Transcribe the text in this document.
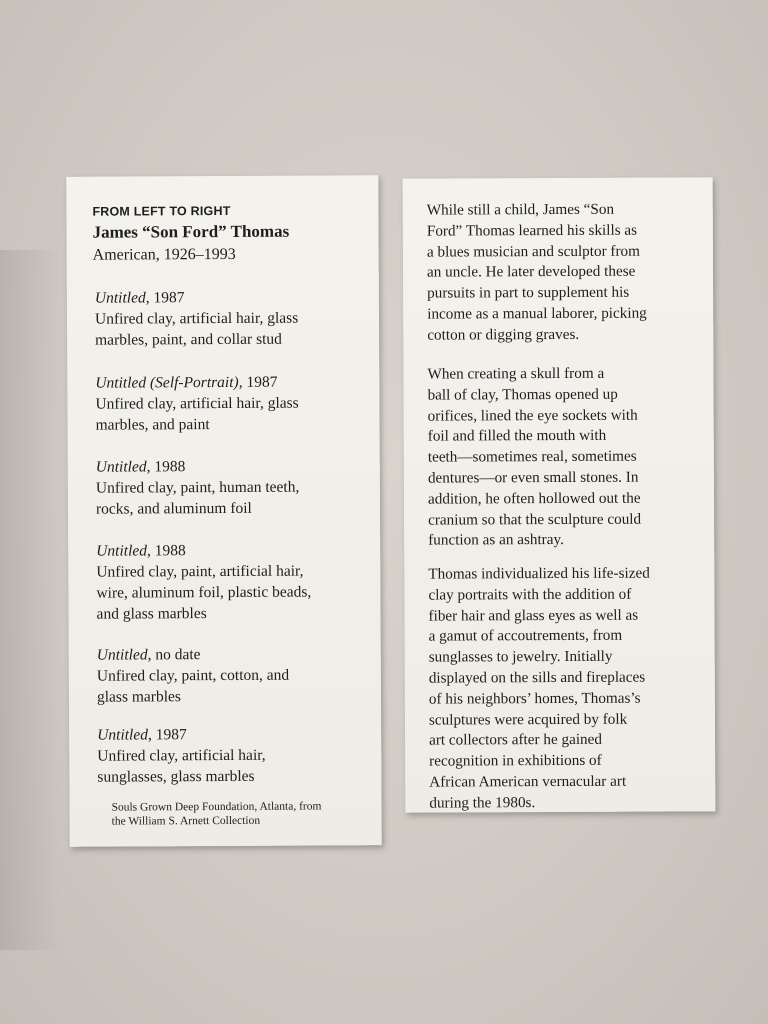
FROM LEFT TO RIGHT
James “Son Ford” Thomas
American, 1926–1993
Untitled, 1987
Unfired clay, artificial hair, glass
marbles, paint, and collar stud
Untitled (Self-Portrait), 1987
Unfired clay, artificial hair, glass
marbles, and paint
Untitled, 1988
Unfired clay, paint, human teeth,
rocks, and aluminum foil
Untitled, 1988
Unfired clay, paint, artificial hair,
wire, aluminum foil, plastic beads,
and glass marbles
Untitled, no date
Unfired clay, paint, cotton, and
glass marbles
Untitled, 1987
Unfired clay, artificial hair,
sunglasses, glass marbles
Souls Grown Deep Foundation, Atlanta, from
the William S. Arnett Collection
While still a child, James “Son
Ford” Thomas learned his skills as
a blues musician and sculptor from
an uncle. He later developed these
pursuits in part to supplement his
income as a manual laborer, picking
cotton or digging graves.
When creating a skull from a
ball of clay, Thomas opened up
orifices, lined the eye sockets with
foil and filled the mouth with
teeth—sometimes real, sometimes
dentures—or even small stones. In
addition, he often hollowed out the
cranium so that the sculpture could
function as an ashtray.
Thomas individualized his life-sized
clay portraits with the addition of
fiber hair and glass eyes as well as
a gamut of accoutrements, from
sunglasses to jewelry. Initially
displayed on the sills and fireplaces
of his neighbors’ homes, Thomas’s
sculptures were acquired by folk
art collectors after he gained
recognition in exhibitions of
African American vernacular art
during the 1980s.
